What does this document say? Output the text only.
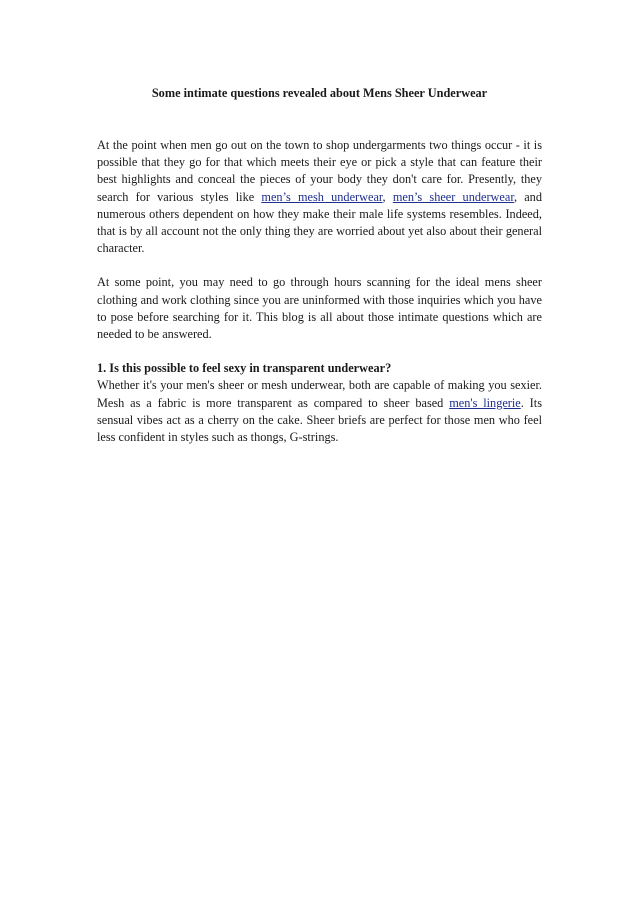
Some intimate questions revealed about Mens Sheer Underwear

At the point when men go out on the town to shop undergarments two things occur - it is possible that they go for that which meets their eye or pick a style that can feature their best highlights and conceal the pieces of your body they don't care for. Presently, they search for various styles like men’s mesh underwear, men’s sheer underwear, and numerous others dependent on how they make their male life systems resembles. Indeed, that is by all account not the only thing they are worried about yet also about their general character.

At some point, you may need to go through hours scanning for the ideal mens sheer clothing and work clothing since you are uninformed with those inquiries which you have to pose before searching for it. This blog is all about those intimate questions which are needed to be answered.

1. Is this possible to feel sexy in transparent underwear?

Whether it's your men's sheer or mesh underwear, both are capable of making you sexier. Mesh as a fabric is more transparent as compared to sheer based men's lingerie. Its sensual vibes act as a cherry on the cake. Sheer briefs are perfect for those men who feel less confident in styles such as thongs, G-strings.
